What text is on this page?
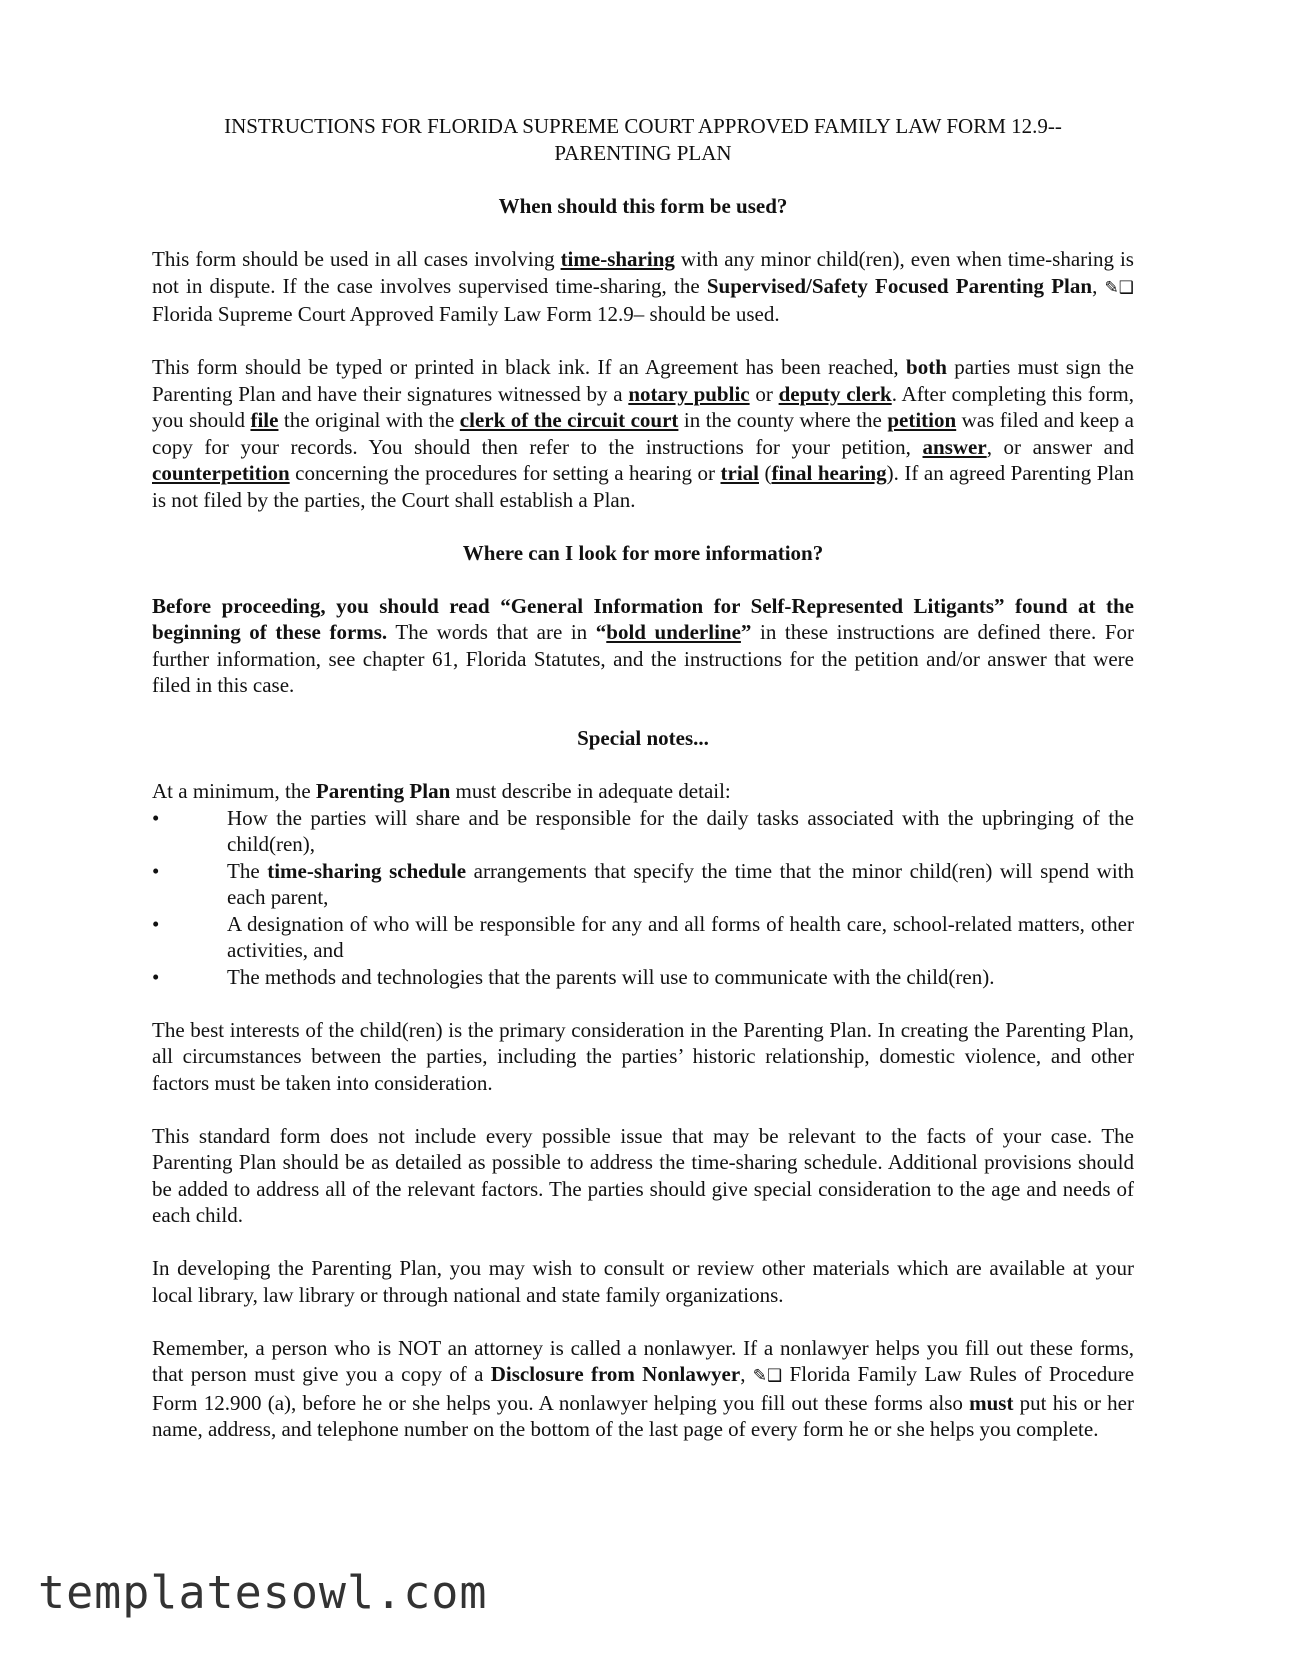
INSTRUCTIONS FOR FLORIDA SUPREME COURT APPROVED FAMILY LAW FORM 12.9--
PARENTING PLAN
When should this form be used?

This form should be used in all cases involving time-sharing with any minor child(ren), even when time-sharing is not in dispute. If the case involves supervised time-sharing, the Supervised/Safety Focused Parenting Plan, ✎❑ Florida Supreme Court Approved Family Law Form 12.9– should be used.

This form should be typed or printed in black ink. If an Agreement has been reached, both parties must sign the Parenting Plan and have their signatures witnessed by a notary public or deputy clerk. After completing this form, you should file the original with the clerk of the circuit court in the county where the petition was filed and keep a copy for your records. You should then refer to the instructions for your petition, answer, or answer and counterpetition concerning the procedures for setting a hearing or trial (final hearing). If an agreed Parenting Plan is not filed by the parties, the Court shall establish a Plan.

Where can I look for more information?

Before proceeding, you should read “General Information for Self-Represented Litigants” found at the beginning of these forms. The words that are in “bold underline” in these instructions are defined there. For further information, see chapter 61, Florida Statutes, and the instructions for the petition and/or answer that were filed in this case.

Special notes...
At a minimum, the Parenting Plan must describe in adequate detail:
•	How the parties will share and be responsible for the daily tasks associated with the upbringing of the child(ren),
•	The time-sharing schedule arrangements that specify the time that the minor child(ren) will spend with each parent,
•	A designation of who will be responsible for any and all forms of health care, school-related matters, other activities, and
•	The methods and technologies that the parents will use to communicate with the child(ren).

The best interests of the child(ren) is the primary consideration in the Parenting Plan. In creating the Parenting Plan, all circumstances between the parties, including the parties’ historic relationship, domestic violence, and other factors must be taken into consideration.

This standard form does not include every possible issue that may be relevant to the facts of your case. The Parenting Plan should be as detailed as possible to address the time-sharing schedule. Additional provisions should be added to address all of the relevant factors. The parties should give special consideration to the age and needs of each child.

In developing the Parenting Plan, you may wish to consult or review other materials which are available at your local library, law library or through national and state family organizations.

Remember, a person who is NOT an attorney is called a nonlawyer. If a nonlawyer helps you fill out these forms, that person must give you a copy of a Disclosure from Nonlawyer, ✎❑ Florida Family Law Rules of Procedure Form 12.900 (a), before he or she helps you. A nonlawyer helping you fill out these forms also must put his or her name, address, and telephone number on the bottom of the last page of every form he or she helps you complete.

templatesowl.com
